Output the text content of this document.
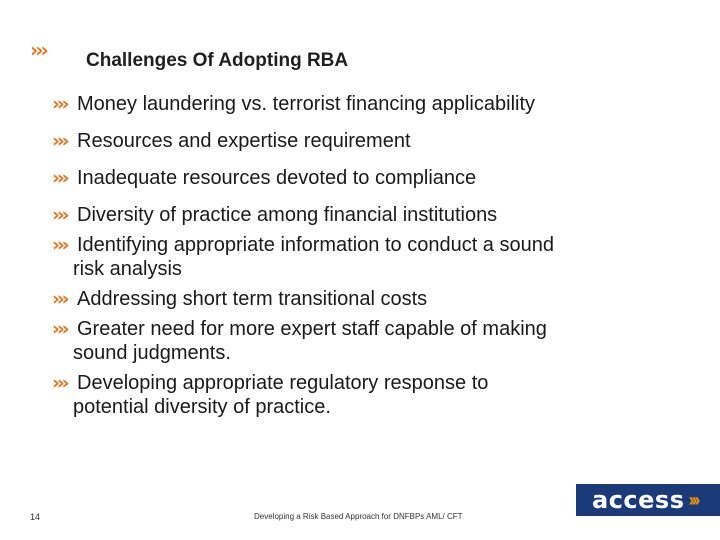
››› Challenges Of Adopting RBA
››› Money laundering vs. terrorist financing applicability
››› Resources and expertise requirement
››› Inadequate resources devoted to compliance
››› Diversity of practice among financial institutions
››› Identifying appropriate information to conduct a sound
risk analysis
››› Addressing short term transitional costs
››› Greater need for more expert staff capable of making
sound judgments.
››› Developing appropriate regulatory response to
potential diversity of practice.
14	Developing a Risk Based Approach for DNFBPs AML/ CFT
access ›››
